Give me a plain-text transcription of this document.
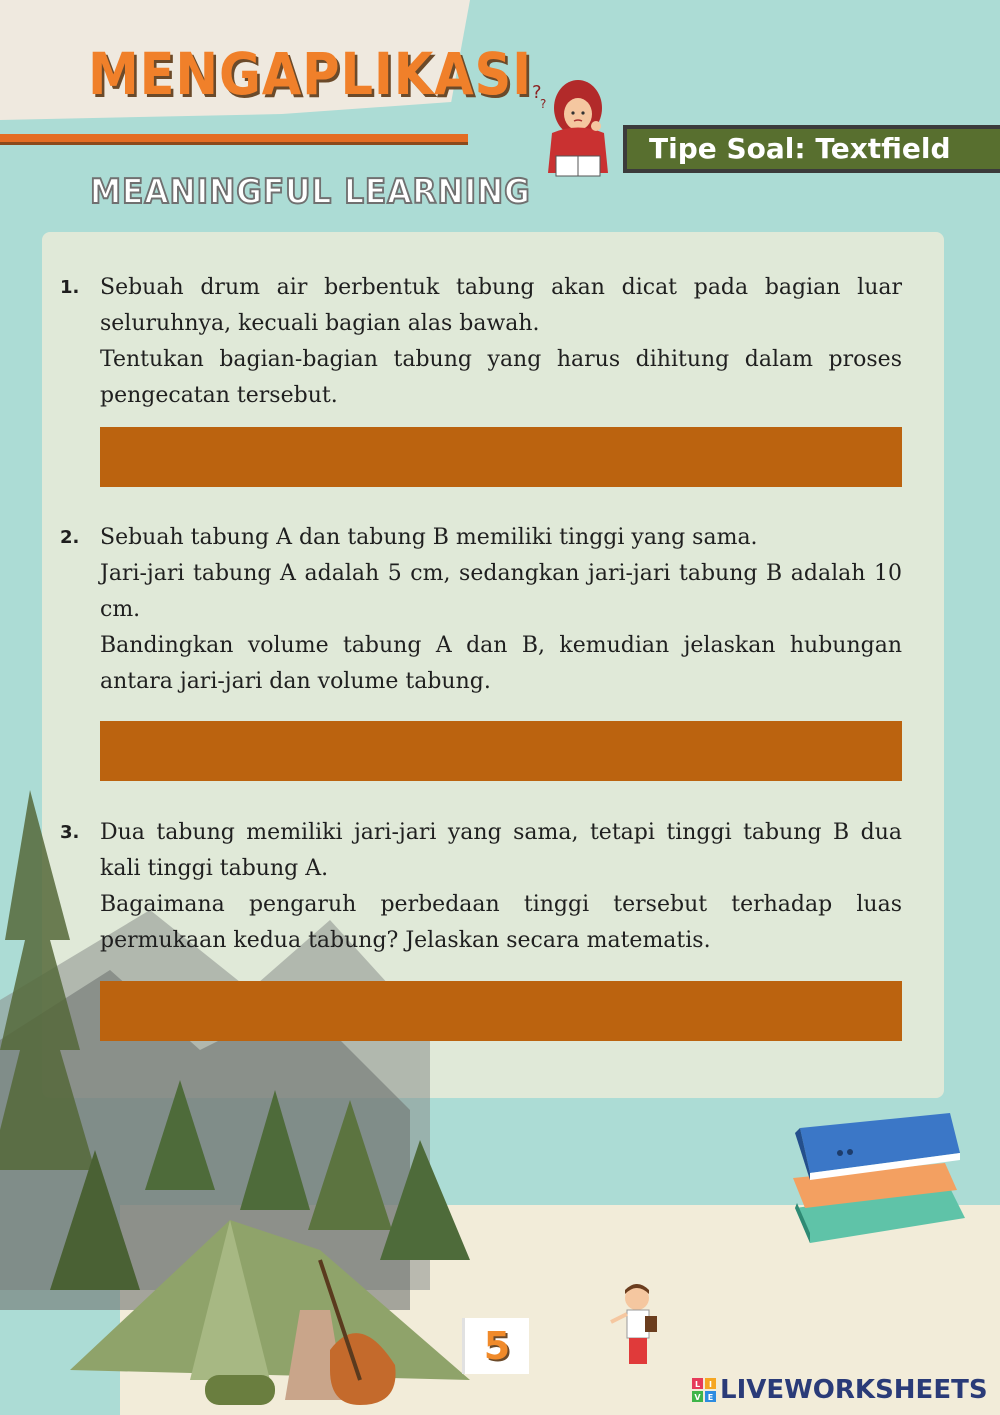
MENGAPLIKASI
MEANINGFUL LEARNING
?
?
Tipe Soal: Textfield
1. Sebuah drum air berbentuk tabung akan dicat pada bagian luar seluruhnya, kecuali bagian alas bawah.

Tentukan bagian-bagian tabung yang harus dihitung dalam proses pengecatan tersebut.

2. Sebuah tabung A dan tabung B memiliki tinggi yang sama.

Jari-jari tabung A adalah 5 cm, sedangkan jari-jari tabung B adalah 10 cm.

Bandingkan volume tabung A dan B, kemudian jelaskan hubungan antara jari-jari dan volume tabung.

3. Dua tabung memiliki jari-jari yang sama, tetapi tinggi tabung B dua kali tinggi tabung A.

Bagaimana pengaruh perbedaan tinggi tersebut terhadap luas permukaan kedua tabung? Jelaskan secara matematis.

5
L I
V E LIVEWORKSHEETS
